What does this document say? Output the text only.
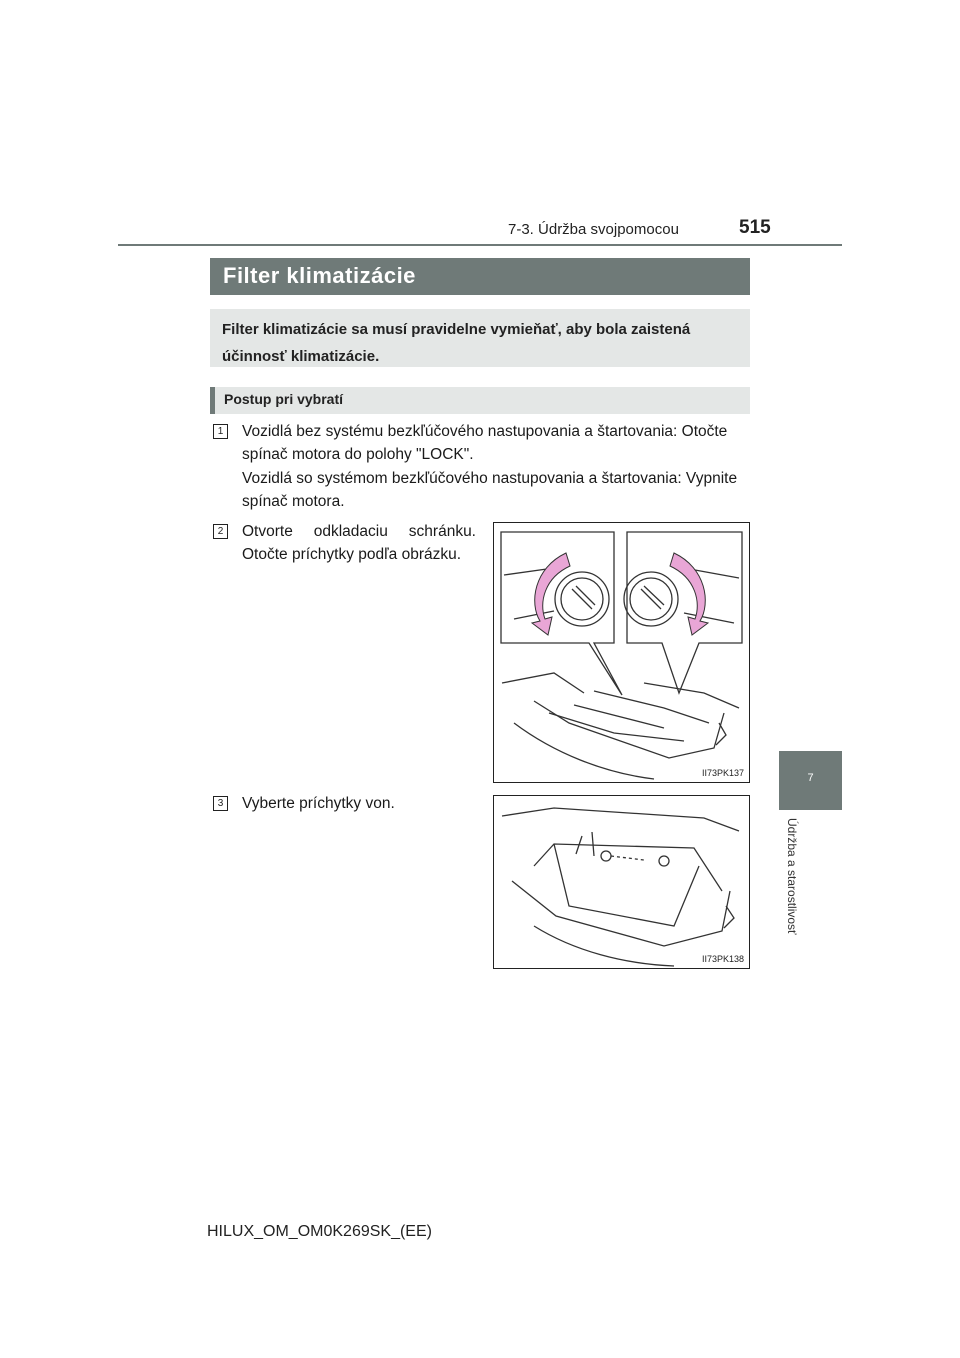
7-3. Údržba svojpomocou	515
7
Údržba a starostlivosť
Filter klimatizácie
Filter klimatizácie sa musí pravidelne vymieňať, aby bola zaistená účinnosť klimatizácie.
Postup pri vybratí
1	Vozidlá bez systému bezkľúčového nastupovania a štartovania: Otočte spínač motora do polohy "LOCK".
Vozidlá so systémom bezkľúčového nastupovania a štartovania: Vypnite spínač motora.
2	Otvorte odkladaciu schránku. Otočte príchytky podľa obrázku.
II73PK137
3	Vyberte príchytky von.
II73PK138
HILUX_OM_OM0K269SK_(EE)
